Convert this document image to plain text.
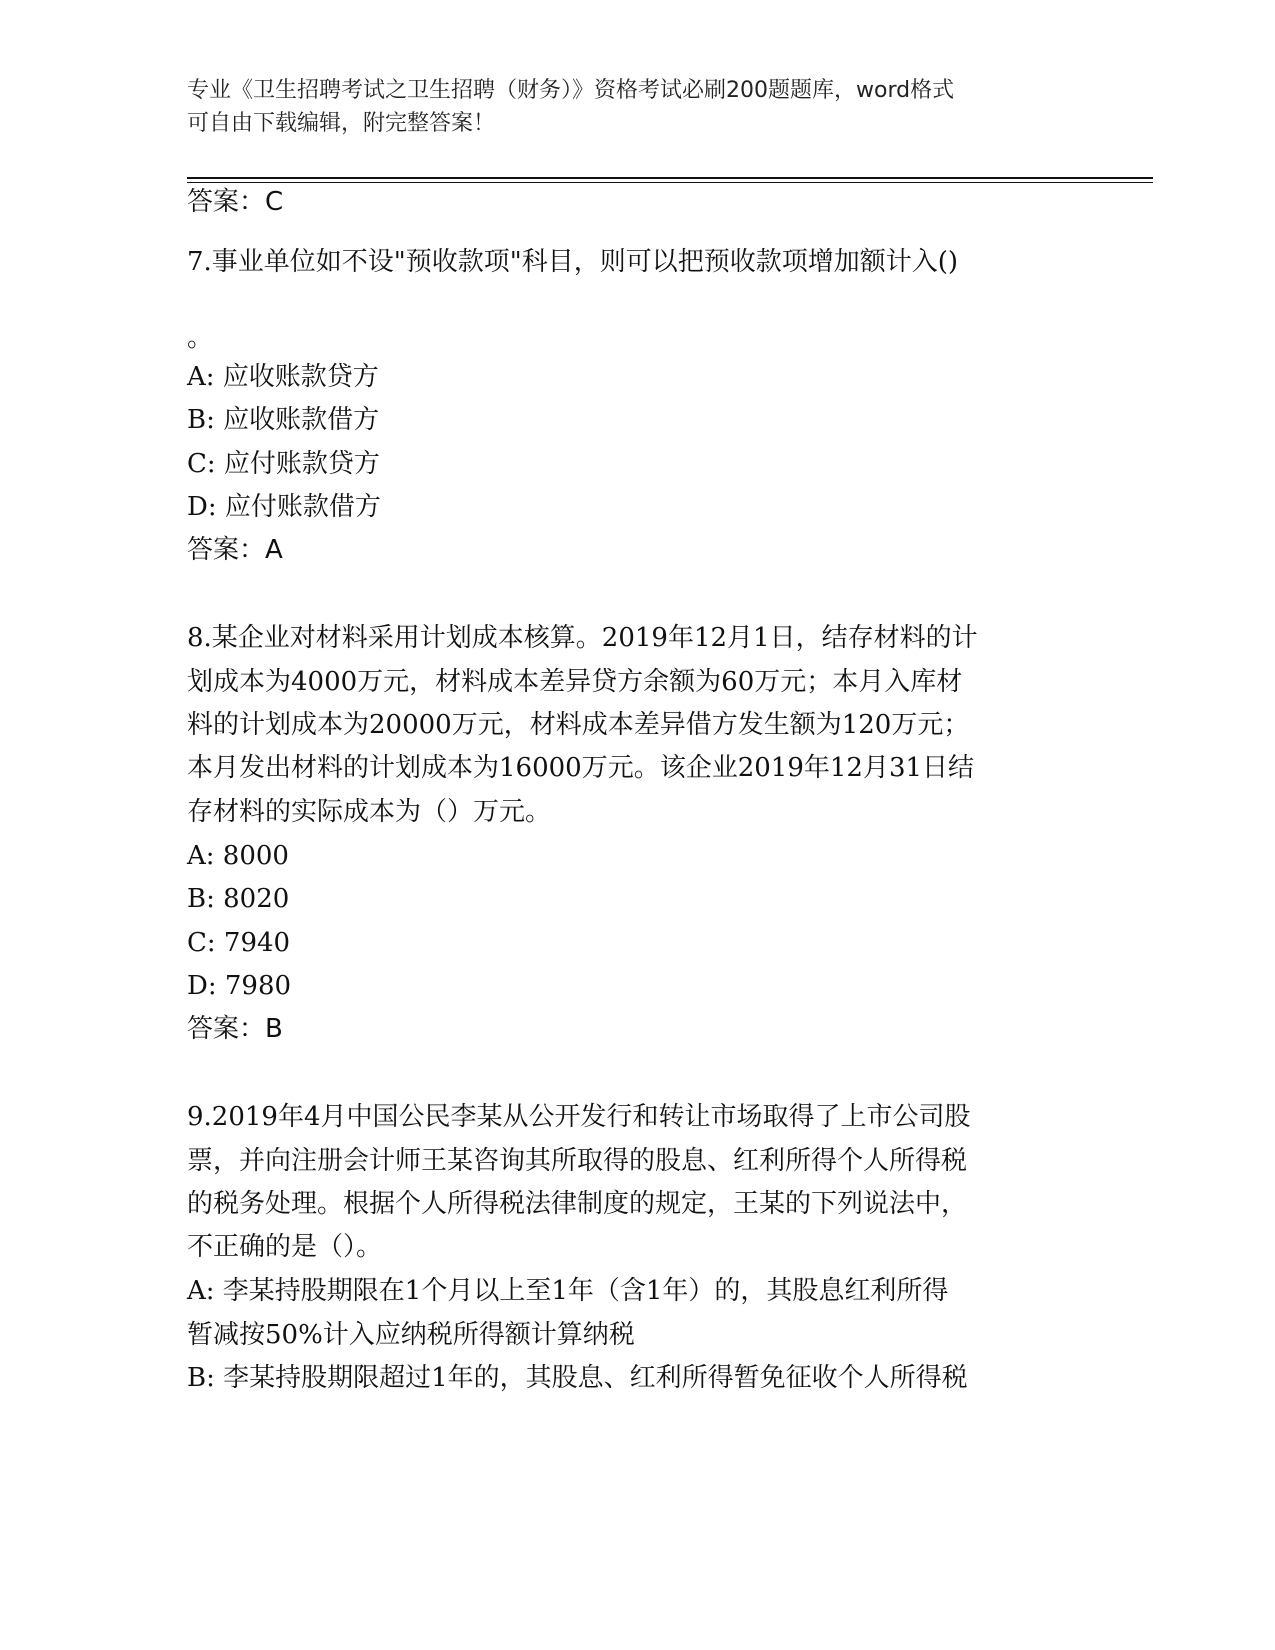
专业《卫生招聘考试之卫生招聘（财务）》资格考试必刷200题题库，word格式
可自由下载编辑，附完整答案！
答案：C
7.事业单位如不设"预收款项"科目，则可以把预收款项增加额计入()
。
A: 应收账款贷方
B: 应收账款借方
C: 应付账款贷方
D: 应付账款借方
答案：A
8.某企业对材料采用计划成本核算。2019年12月1日，结存材料的计
划成本为4000万元，材料成本差异贷方余额为60万元；本月入库材
料的计划成本为20000万元，材料成本差异借方发生额为120万元；
本月发出材料的计划成本为16000万元。该企业2019年12月31日结
存材料的实际成本为（）万元。
A: 8000
B: 8020
C: 7940
D: 7980
答案：B
9.2019年4月中国公民李某从公开发行和转让市场取得了上市公司股
票，并向注册会计师王某咨询其所取得的股息、红利所得个人所得税
的税务处理。根据个人所得税法律制度的规定，王某的下列说法中，
不正确的是（）。
A: 李某持股期限在1个月以上至1年（含1年）的，其股息红利所得
暂减按50%计入应纳税所得额计算纳税
B: 李某持股期限超过1年的，其股息、红利所得暂免征收个人所得税
